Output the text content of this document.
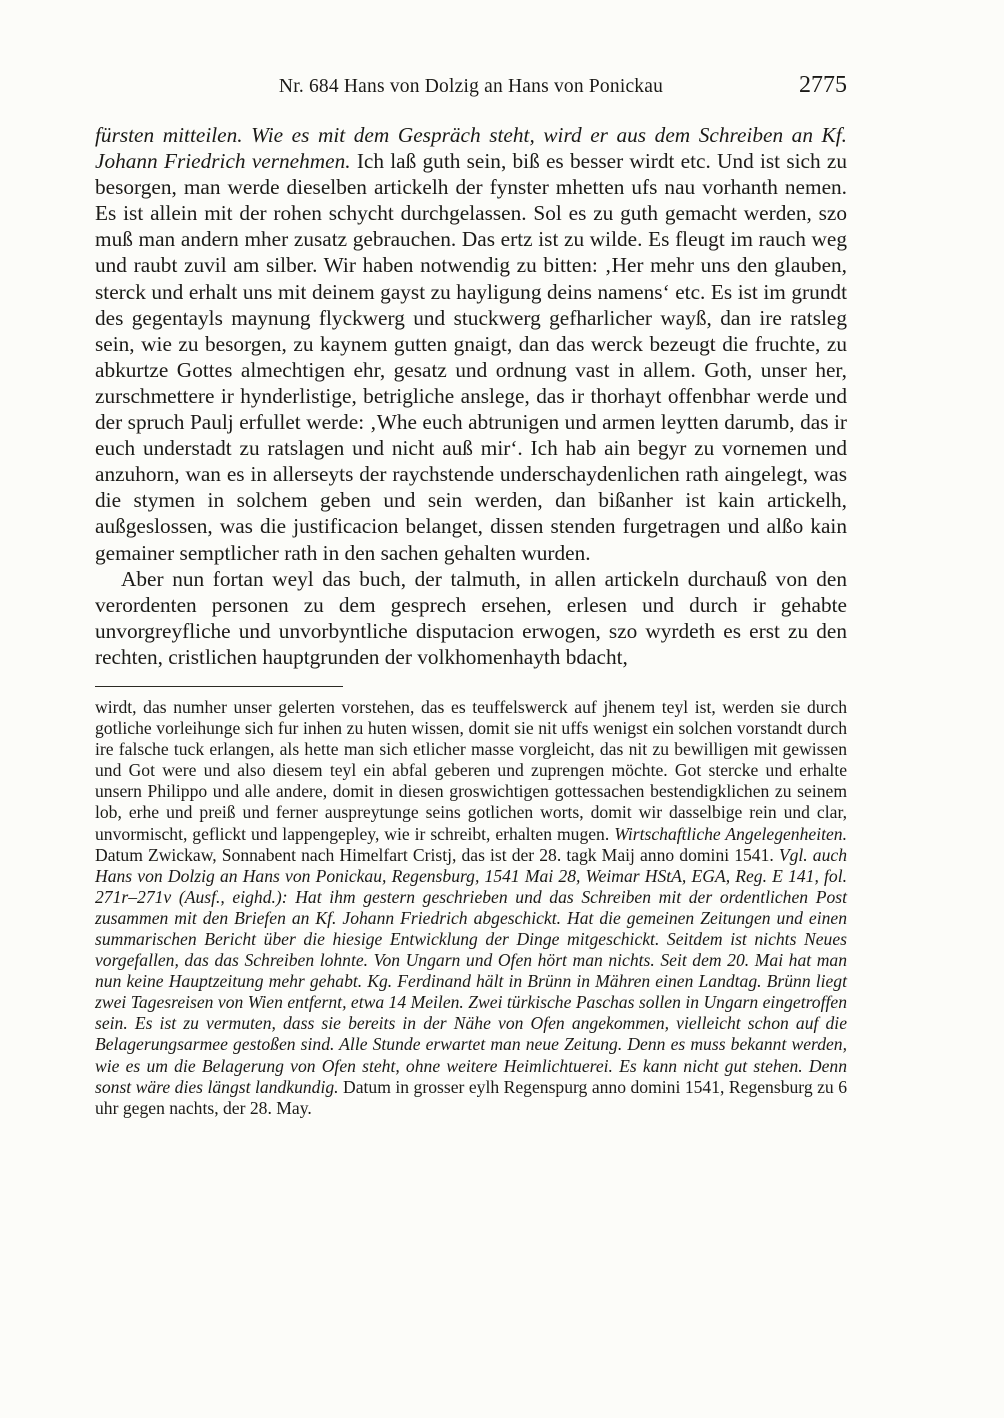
Nr. 684 Hans von Dolzig an Hans von Ponickau	2775

fürsten mitteilen. Wie es mit dem Gespräch steht, wird er aus dem Schreiben an Kf. Johann Friedrich vernehmen. Ich laß guth sein, biß es besser wirdt etc. Und ist sich zu besorgen, man werde dieselben artickelh der fynster mhetten ufs nau vorhanth nemen. Es ist allein mit der rohen schycht durchgelassen. Sol es zu guth gemacht werden, szo muß man andern mher zusatz gebrauchen. Das ertz ist zu wilde. Es fleugt im rauch weg und raubt zuvil am silber. Wir haben notwendig zu bitten: ‚Her mehr uns den glauben, sterck und erhalt uns mit deinem gayst zu hayligung deins namens‘ etc. Es ist im grundt des gegentayls maynung flyckwerg und stuckwerg gefharlicher wayß, dan ire ratsleg sein, wie zu besorgen, zu kaynem gutten gnaigt, dan das werck bezeugt die fruchte, zu abkurtze Gottes almechtigen ehr, gesatz und ordnung vast in allem. Goth, unser her, zurschmettere ir hynderlistige, betrigliche anslege, das ir thorhayt offenbhar werde und der spruch Paulj erfullet werde: ‚Whe euch abtrunigen und armen leytten darumb, das ir euch understadt zu ratslagen und nicht auß mir‘. Ich hab ain begyr zu vornemen und anzuhorn, wan es in allerseyts der raychstende underschaydenlichen rath aingelegt, was die stymen in solchem geben und sein werden, dan bißanher ist kain artickelh, außgeslossen, was die justificacion belanget, dissen stenden furgetragen und alßo kain gemainer semptlicher rath in den sachen gehalten wurden.

Aber nun fortan weyl das buch, der talmuth, in allen artickeln durchauß von den verordenten personen zu dem gesprech ersehen, erlesen und durch ir gehabte unvorgreyfliche und unvorbyntliche disputacion erwogen, szo wyrdeth es erst zu den rechten, cristlichen hauptgrunden der volkhomenhayth bdacht,

wirdt, das numher unser gelerten vorstehen, das es teuffelswerck auf jhenem teyl ist, werden sie durch gotliche vorleihunge sich fur inhen zu huten wissen, domit sie nit uffs wenigst ein solchen vorstandt durch ire falsche tuck erlangen, als hette man sich etlicher masse vorgleicht, das nit zu bewilligen mit gewissen und Got were und also diesem teyl ein abfal geberen und zuprengen möchte. Got stercke und erhalte unsern Philippo und alle andere, domit in diesen groswichtigen gottessachen bestendigklichen zu seinem lob, erhe und preiß und ferner auspreytunge seins gotlichen worts, domit wir dasselbige rein und clar, unvormischt, geflickt und lappengepley, wie ir schreibt, erhalten mugen. Wirtschaftliche Angelegenheiten. Datum Zwickaw, Sonnabent nach Himelfart Cristj, das ist der 28. tagk Maij anno domini 1541. Vgl. auch Hans von Dolzig an Hans von Ponickau, Regensburg, 1541 Mai 28, Weimar HStA, EGA, Reg. E 141, fol. 271r–271v (Ausf., eighd.): Hat ihm gestern geschrieben und das Schreiben mit der ordentlichen Post zusammen mit den Briefen an Kf. Johann Friedrich abgeschickt. Hat die gemeinen Zeitungen und einen summarischen Bericht über die hiesige Entwicklung der Dinge mitgeschickt. Seitdem ist nichts Neues vorgefallen, das das Schreiben lohnte. Von Ungarn und Ofen hört man nichts. Seit dem 20. Mai hat man nun keine Hauptzeitung mehr gehabt. Kg. Ferdinand hält in Brünn in Mähren einen Landtag. Brünn liegt zwei Tagesreisen von Wien entfernt, etwa 14 Meilen. Zwei türkische Paschas sollen in Ungarn eingetroffen sein. Es ist zu vermuten, dass sie bereits in der Nähe von Ofen angekommen, vielleicht schon auf die Belagerungsarmee gestoßen sind. Alle Stunde erwartet man neue Zeitung. Denn es muss bekannt werden, wie es um die Belagerung von Ofen steht, ohne weitere Heimlichtuerei. Es kann nicht gut stehen. Denn sonst wäre dies längst landkundig. Datum in grosser eylh Regenspurg anno domini 1541, Regensburg zu 6 uhr gegen nachts, der 28. May.
